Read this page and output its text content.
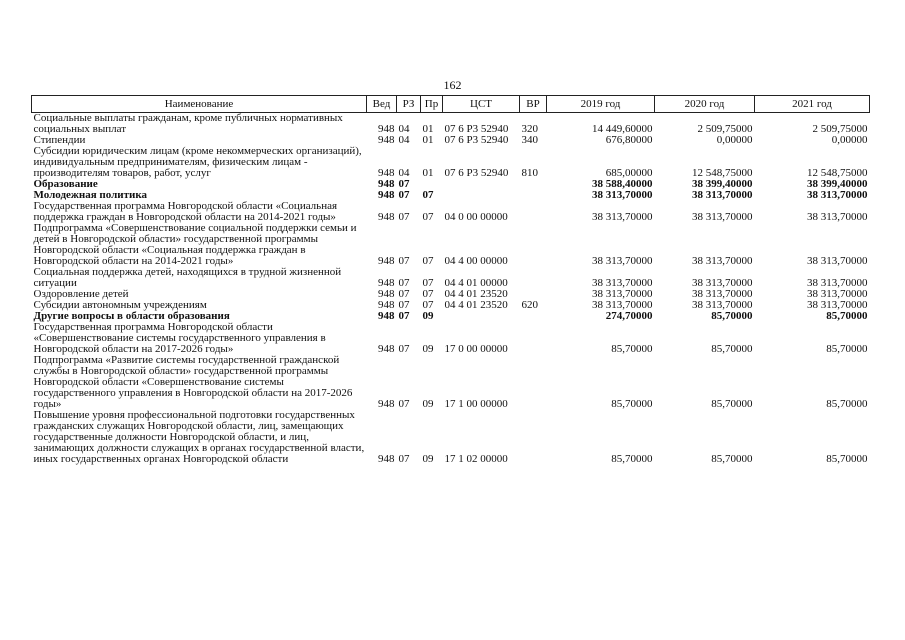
162
Наименование	Вед	РЗ	Пр	ЦСТ	ВР	2019 год	2020 год	2021 год
Социальные выплаты гражданам, кроме публичных нормативных социальных выплат	948	04	01	07 6 Р3 52940	320	14 449,60000	2 509,75000	2 509,75000
Стипендии	948	04	01	07 6 Р3 52940	340	676,80000	0,00000	0,00000
Субсидии юридическим лицам (кроме некоммерческих организаций), индивидуальным предпринимателям, физическим лицам - производителям товаров, работ, услуг	948	04	01	07 6 Р3 52940	810	685,00000	12 548,75000	12 548,75000
Образование	948	07				38 588,40000	38 399,40000	38 399,40000
Молодежная политика	948	07	07			38 313,70000	38 313,70000	38 313,70000
Государственная программа Новгородской области «Социальная поддержка граждан в Новгородской области на 2014-2021 годы»	948	07	07	04 0 00 00000		38 313,70000	38 313,70000	38 313,70000
Подпрограмма «Совершенствование социальной поддержки семьи и детей в Новгородской области» государственной программы Новгородской области «Социальная поддержка граждан в Новгородской области на 2014-2021 годы»	948	07	07	04 4 00 00000		38 313,70000	38 313,70000	38 313,70000
Социальная поддержка детей, находящихся в трудной жизненной ситуации	948	07	07	04 4 01 00000		38 313,70000	38 313,70000	38 313,70000
Оздоровление детей	948	07	07	04 4 01 23520		38 313,70000	38 313,70000	38 313,70000
Субсидии автономным учреждениям	948	07	07	04 4 01 23520	620	38 313,70000	38 313,70000	38 313,70000
Другие вопросы в области образования	948	07	09			274,70000	85,70000	85,70000
Государственная программа Новгородской области «Совершенствование системы государственного управления в Новгородской области на 2017-2026 годы»	948	07	09	17 0 00 00000		85,70000	85,70000	85,70000
Подпрограмма «Развитие системы государственной гражданской службы в Новгородской области» государственной программы Новгородской области «Совершенствование системы государственного управления в Новгородской области на 2017-2026 годы»	948	07	09	17 1 00 00000		85,70000	85,70000	85,70000
Повышение уровня профессиональной подготовки государственных гражданских служащих Новгородской области, лиц, замещающих государственные должности Новгородской области, и лиц, занимающих должности служащих в органах государственной власти, иных государственных органах Новгородской области	948	07	09	17 1 02 00000		85,70000	85,70000	85,70000
